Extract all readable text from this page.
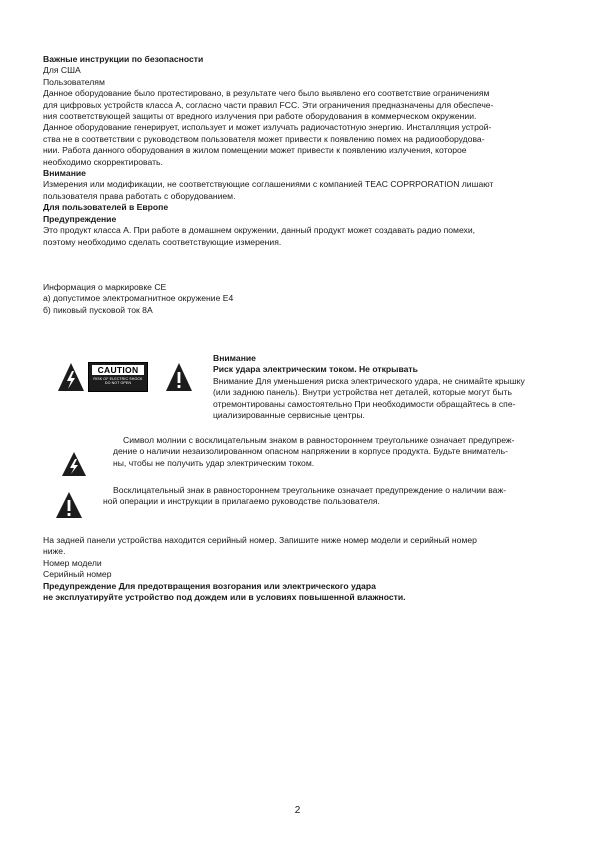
Важные инструкции по безопасности
Для США
Пользователям
Данное оборудование было протестировано, в результате чего было выявлено его соответствие ограничениям
для цифровых устройств класса А, согласно части правил FCC. Эти ограничения предназначены для обеспече-
ния соответствующей защиты от вредного излучения при работе оборудования в коммерческом окружении.
Данное оборудование генерирует, использует и может излучать радиочастотную энергию. Инсталляция устрой-
ства не в соответствии с руководством пользователя может привести к появлению помех на радиооборудова-
нии. Работа данного оборудования в жилом помещении может привести к появлению излучения, которое
необходимо скорректировать.
Внимание
Измерения или модификации, не соответствующие соглашениями с компанией TEAC COPRPORATION лишают
пользователя права работать с оборудованием.
Для пользователей в Европе
Предупреждение
Это продукт класса А. При работе в домашнем окружении, данный продукт может создавать радио помехи,
поэтому необходимо сделать соответствующие измерения.
Информация о маркировке CE
а) допустимое электромагнитное окружение Е4
б) пиковый пусковой ток 8А
CAUTION
RISK OF ELECTRIC SHOCK
DO NOT OPEN
Внимание
Риск удара электрическим током. Не открывать
Внимание Для уменьшения риска электрического удара, не снимайте крышку
(или заднюю панель). Внутри устройства нет деталей, которые могут быть
отремонтированы самостоятельно При необходимости обращайтесь в спе-
циализированные сервисные центры.
Символ молнии с восклицательным знаком в равностороннем треугольнике означает предупреж-
дение о наличии незаизолированном опасном напряжении в корпусе продукта. Будьте вниматель-
ны, чтобы не получить удар электрическим током.
Восклицательный знак в равностороннем треугольнике означает предупреждение о наличии важ-
ной операции и инструкции в прилагаемо руководстве пользователя.
На задней панели устройства находится серийный номер. Запишите ниже номер модели и серийный номер
ниже.
Номер модели
Серийный номер
Предупреждение Для предотвращения возгорания или электрического удара
не эксплуатируйте устройство под дождем или в условиях повышенной влажности.
2
